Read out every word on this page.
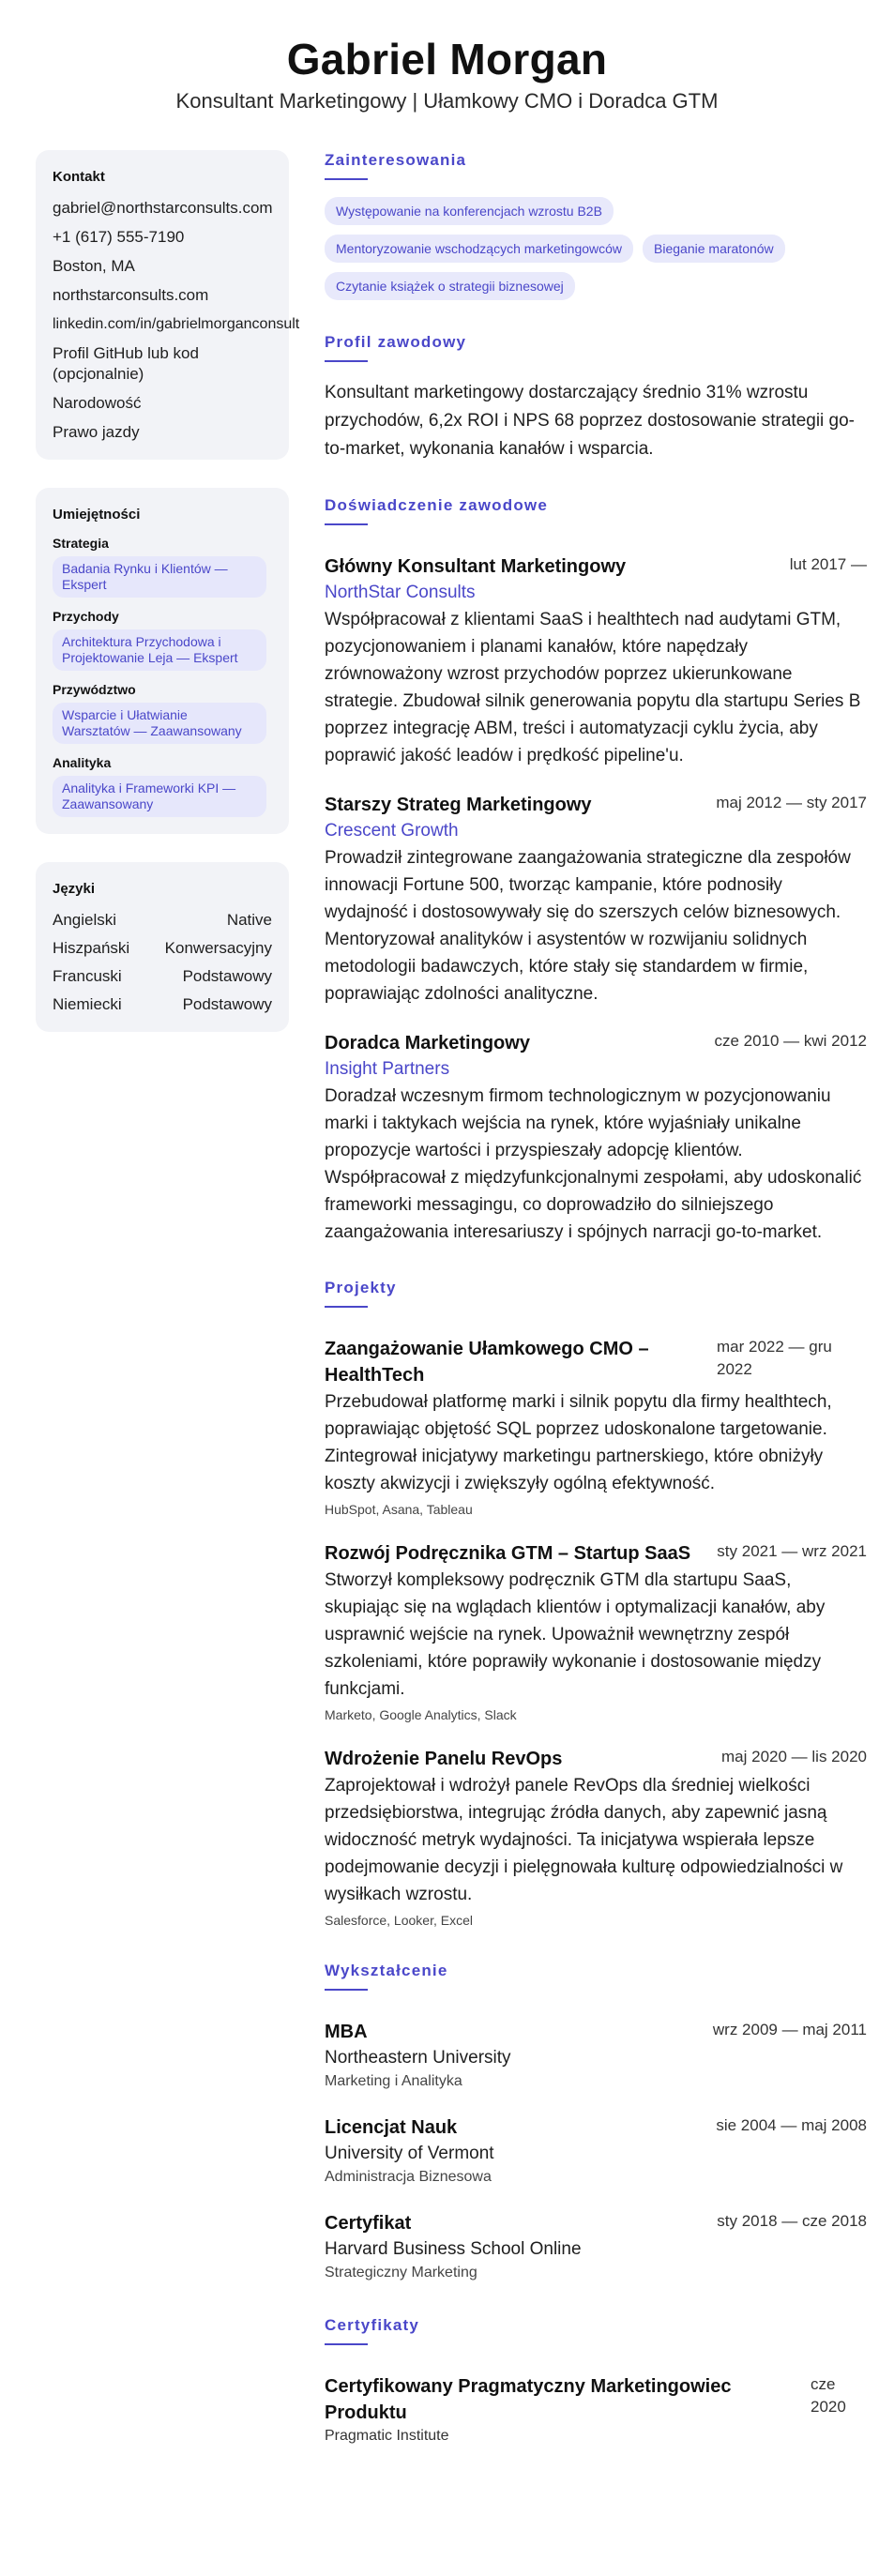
Gabriel Morgan
Konsultant Marketingowy | Ułamkowy CMO i Doradca GTM
Kontakt
gabriel@northstarconsults.com
+1 (617) 555-7190
Boston, MA
northstarconsults.com
linkedin.com/in/gabrielmorganconsult
Profil GitHub lub kod (opcjonalnie)
Narodowość
Prawo jazdy
Umiejętności
Strategia
Badania Rynku i Klientów — Ekspert
Przychody
Architektura Przychodowa i Projektowanie Leja — Ekspert
Przywództwo
Wsparcie i Ułatwianie Warsztatów — Zaawansowany
Analityka
Analityka i Frameworki KPI — Zaawansowany
Języki
Angielski	Native
Hiszpański Konwersacyjny
Francuski	Podstawowy
Niemiecki	Podstawowy
Zainteresowania
Występowanie na konferencjach wzrostu B2B
Mentoryzowanie wschodzących marketingowców	Bieganie maratonów
Czytanie książek o strategii biznesowej
Profil zawodowy

Konsultant marketingowy dostarczający średnio 31% wzrostu przychodów, 6,2x ROI i NPS 68 poprzez dostosowanie strategii go-to-market, wykonania kanałów i wsparcia.

Doświadczenie zawodowe
Główny Konsultant Marketingowy	lut 2017 —
NorthStar Consults

Współpracował z klientami SaaS i healthtech nad audytami GTM, pozycjonowaniem i planami kanałów, które napędzały zrównoważony wzrost przychodów poprzez ukierunkowane strategie. Zbudował silnik generowania popytu dla startupu Series B poprzez integrację ABM, treści i automatyzacji cyklu życia, aby poprawić jakość leadów i prędkość pipeline'u.

Starszy Strateg Marketingowy	maj 2012 — sty 2017
Crescent Growth

Prowadził zintegrowane zaangażowania strategiczne dla zespołów innowacji Fortune 500, tworząc kampanie, które podnosiły wydajność i dostosowywały się do szerszych celów biznesowych. Mentoryzował analityków i asystentów w rozwijaniu solidnych metodologii badawczych, które stały się standardem w firmie, poprawiając zdolności analityczne.

Doradca Marketingowy	cze 2010 — kwi 2012
Insight Partners

Doradzał wczesnym firmom technologicznym w pozycjonowaniu marki i taktykach wejścia na rynek, które wyjaśniały unikalne propozycje wartości i przyspieszały adopcję klientów. Współpracował z międzyfunkcjonalnymi zespołami, aby udoskonalić frameworki messagingu, co doprowadziło do silniejszego zaangażowania interesariuszy i spójnych narracji go-to-market.

Projekty
Zaangażowanie Ułamkowego CMO – HealthTech
mar 2022 — gru 2022

Przebudował platformę marki i silnik popytu dla firmy healthtech, poprawiając objętość SQL poprzez udoskonalone targetowanie. Zintegrował inicjatywy marketingu partnerskiego, które obniżyły koszty akwizycji i zwiększyły ogólną efektywność.

HubSpot, Asana, Tableau
Rozwój Podręcznika GTM – Startup SaaS sty 2021 — wrz 2021

Stworzył kompleksowy podręcznik GTM dla startupu SaaS, skupiając się na wglądach klientów i optymalizacji kanałów, aby usprawnić wejście na rynek. Upoważnił wewnętrzny zespół szkoleniami, które poprawiły wykonanie i dostosowanie między funkcjami.

Marketo, Google Analytics, Slack
Wdrożenie Panelu RevOps	maj 2020 — lis 2020

Zaprojektował i wdrożył panele RevOps dla średniej wielkości przedsiębiorstwa, integrując źródła danych, aby zapewnić jasną widoczność metryk wydajności. Ta inicjatywa wspierała lepsze podejmowanie decyzji i pielęgnowała kulturę odpowiedzialności w wysiłkach wzrostu.

Salesforce, Looker, Excel
Wykształcenie
MBA	wrz 2009 — maj 2011
Northeastern University
Marketing i Analityka
Licencjat Nauk	sie 2004 — maj 2008
University of Vermont
Administracja Biznesowa
Certyfikat	sty 2018 — cze 2018
Harvard Business School Online
Strategiczny Marketing
Certyfikaty
Certyfikowany Pragmatyczny Marketingowiec Produktu
cze 2020
Pragmatic Institute
